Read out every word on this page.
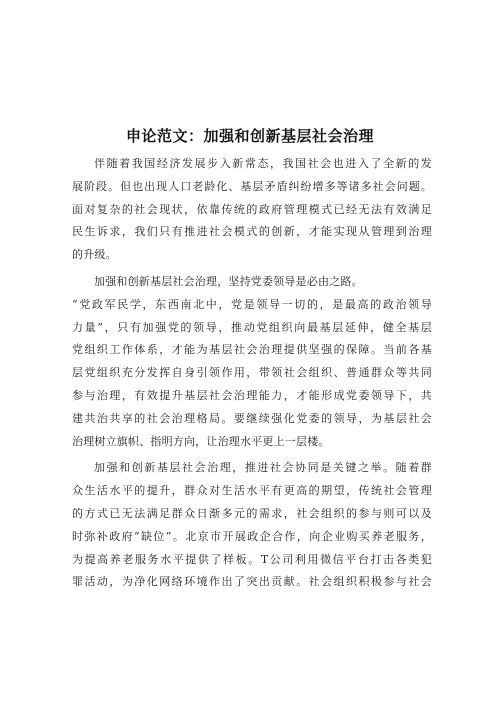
申论范文：加强和创新基层社会治理
伴随着我国经济发展步入新常态，我国社会也进入了全新的发
展阶段。但也出现人口老龄化、基层矛盾纠纷增多等诸多社会问题。
面对复杂的社会现状，依靠传统的政府管理模式已经无法有效满足
民生诉求，我们只有推进社会模式的创新，才能实现从管理到治理
的升级。
加强和创新基层社会治理，坚持党委领导是必由之路。
“党政军民学，东西南北中，党是领导一切的，是最高的政治领导
力量”，只有加强党的领导，推动党组织向最基层延伸，健全基层
党组织工作体系，才能为基层社会治理提供坚强的保障。当前各基
层党组织充分发挥自身引领作用，带领社会组织、普通群众等共同
参与治理，有效提升基层社会治理能力，才能形成党委领导下，共
建共治共享的社会治理格局。要继续强化党委的领导，为基层社会
治理树立旗帜、指明方向，让治理水平更上一层楼。
加强和创新基层社会治理，推进社会协同是关键之举。随着群
众生活水平的提升，群众对生活水平有更高的期望，传统社会管理
的方式已无法满足群众日渐多元的需求，社会组织的参与则可以及
时弥补政府“缺位”。北京市开展政企合作，向企业购买养老服务，
为提高养老服务水平提供了样板。T公司利用微信平台打击各类犯
罪活动，为净化网络环境作出了突出贡献。社会组织积极参与社会
